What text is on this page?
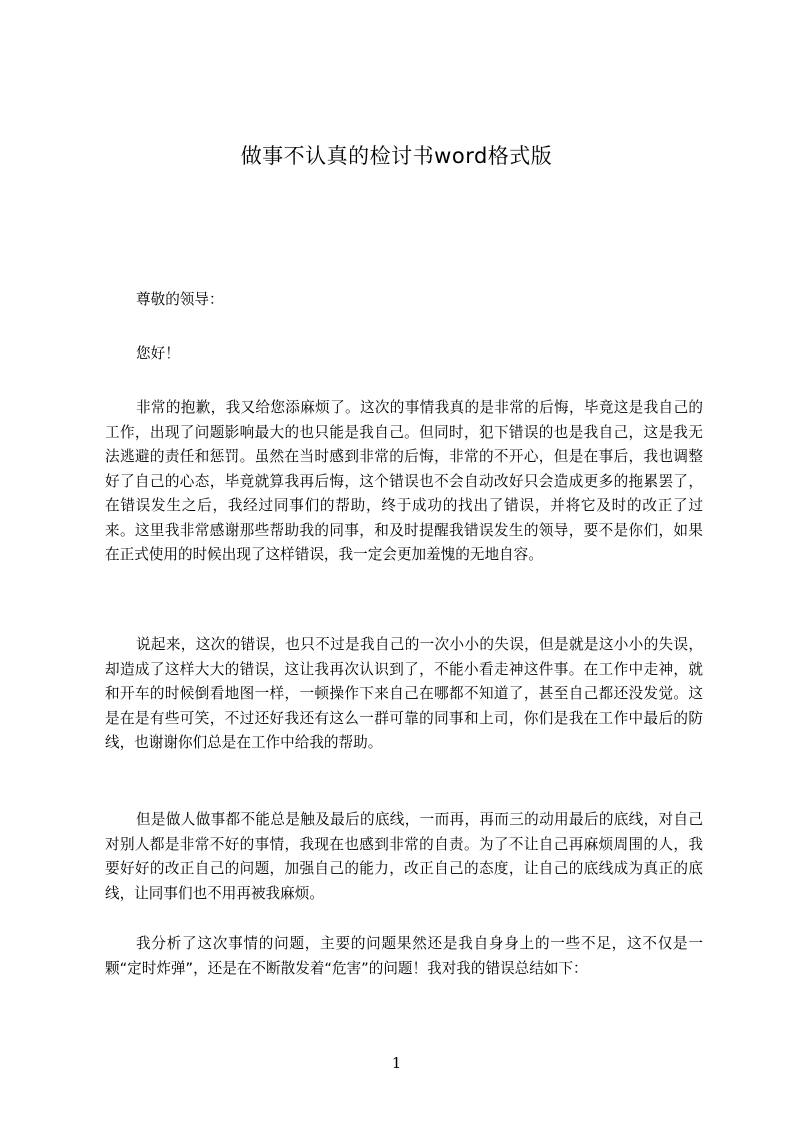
做事不认真的检讨书word格式版
尊敬的领导：
您好！

非常的抱歉，我又给您添麻烦了。这次的事情我真的是非常的后悔，毕竟这是我自己的工作，出现了问题影响最大的也只能是我自己。但同时，犯下错误的也是我自己，这是我无法逃避的责任和惩罚。虽然在当时感到非常的后悔，非常的不开心，但是在事后，我也调整好了自己的心态，毕竟就算我再后悔，这个错误也不会自动改好只会造成更多的拖累罢了，在错误发生之后，我经过同事们的帮助，终于成功的找出了错误，并将它及时的改正了过来。这里我非常感谢那些帮助我的同事，和及时提醒我错误发生的领导，要不是你们，如果在正式使用的时候出现了这样错误，我一定会更加羞愧的无地自容。

说起来，这次的错误，也只不过是我自己的一次小小的失误，但是就是这小小的失误，却造成了这样大大的错误，这让我再次认识到了，不能小看走神这件事。在工作中走神，就和开车的时候倒看地图一样，一顿操作下来自己在哪都不知道了，甚至自己都还没发觉。这是在是有些可笑，不过还好我还有这么一群可靠的同事和上司，你们是我在工作中最后的防线，也谢谢你们总是在工作中给我的帮助。

但是做人做事都不能总是触及最后的底线，一而再，再而三的动用最后的底线，对自己对别人都是非常不好的事情，我现在也感到非常的自责。为了不让自己再麻烦周围的人，我要好好的改正自己的问题，加强自己的能力，改正自己的态度，让自己的底线成为真正的底线，让同事们也不用再被我麻烦。

我分析了这次事情的问题，主要的问题果然还是我自身身上的一些不足，这不仅是一颗“定时炸弹”，还是在不断散发着“危害”的问题！我对我的错误总结如下：

1
